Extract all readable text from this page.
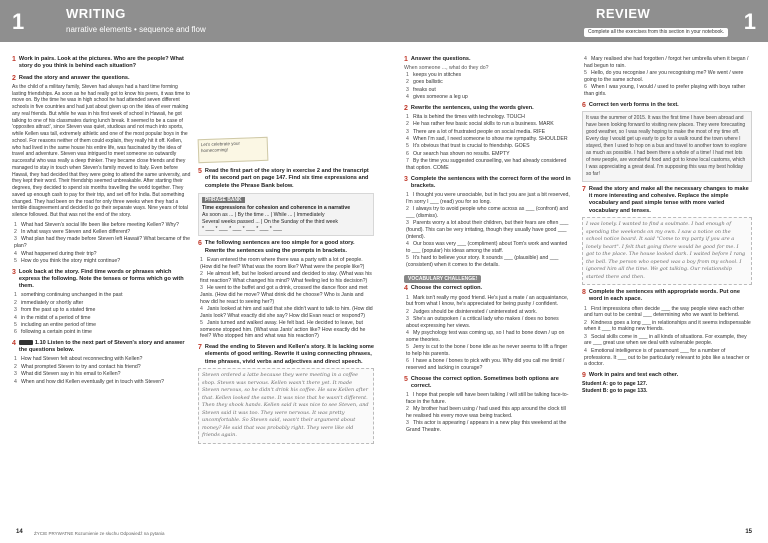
1	WRITING
narrative elements • sequence and flow
1 Work in pairs. Look at the pictures. Who are the people? What story do you think is behind each situation?
2 Read the story and answer the questions.
As the child of a military family, Steven had always had a hard time forming lasting friendships. As soon as he had really got to know his peers, it was time to move on. By the time he was in high school he had attended seven different schools in five countries and had just about given up on the idea of ever making any real friends. But while he was in his first week of school in Hawaii, he got talking to one of his classmates during lunch break. It seemed to be a case of 'opposites attract', since Steven was quiet, studious and not much into sports, while Kellen was tall, extremely athletic and one of the most popular boys in the school. For reasons neither of them could explain, they really hit it off. Kellen, who had lived in the same house his entire life, was fascinated by the idea of travel and adventure. Steven was intrigued to meet someone so outwardly successful who was really a deep thinker. They became close friends and they managed to stay in touch when Steven's family moved to Italy. Even before Hawaii, they had decided that they were going to attend the same university, and they kept their word. Their friendship seemed unbreakable. After starting their degrees, they decided to spend six months travelling the world together. They saved up enough cash to pay for their trip, and set off for India. But something changed. They had been on the road for only three weeks when they had a terrible disagreement and decided to go their separate ways. Nine years of total silence followed. But that was not the end of the story.
1 What had Steven's social life been like before meeting Kellen? Why?
2 In what ways were Steven and Kellen different?
3 What plan had they made before Steven left Hawaii? What became of the plan?
4 What happened during their trip?
5 How do you think the story might continue?
3 Look back at the story. Find time words or phrases which express the following. Note the tenses or forms which go with them.
1 something continuing unchanged in the past
2 immediately or shortly after
3 from the past up to a stated time
4 in the midst of a period of time
5 including an entire period of time
6 following a certain point in time
4	1.10 Listen to the next part of Steven's story and answer the questions below.
1 How had Steven felt about reconnecting with Kellen?
2 What prompted Steven to try and contact his friend?
3 What did Steven say in his email to Kellen?
4 When and how did Kellen eventually get in touch with Steven?
Let's celebrate your homecoming!
5 Read the first part of the story in exercise 2 and the transcript of its second part on page 147. Find six time expressions and complete the Phrase Bank below.
PHRASE BANK
Time expressions for cohesion and coherence in a narrative
As soon as ... | By the time ... | While ... | Immediately
Several weeks passed ... | On the Sunday of the third week
* ___ * ___ * ___ * ___ * ___ * ___
6 The following sentences are too simple for a good story. Rewrite the sentences using the prompts in brackets.
1 Evan entered the room where there was a party with a lot of people. (How did he feel? What was the room like? What were the people like?)
2 He almost left, but he looked around and decided to stay. (What was his first reaction? What changed his mind? What feeling led to his decision?)
3 He went to the buffet and got a drink, crossed the dance floor and met Janis. (How did he move? What drink did he choose? Who is Janis and how did he react to seeing her?)
4 Janis looked at him and said that she didn't want to talk to him. (How did Janis look? What exactly did she say? How did Evan react or respond?)
5 Janis turned and walked away. He felt bad. He decided to leave, but someone stopped him. (What was Janis' action like? How exactly did he feel? Who stopped him and what was his reaction?)
7 Read the ending to Steven and Kellen's story. It is lacking some elements of good writing. Rewrite it using connecting phrases, time phrases, vivid verbs and adjectives and direct speech.
Steven ordered a latte because they were meeting in a coffee shop. Steven was nervous. Kellen wasn't there yet. It made Steven nervous, so he didn't drink his coffee. He saw Kellen after that. Kellen looked the same. It was nice that he wasn't different. Then they shook hands. Kellen said it was nice to see Steven, and Steven said it was too. They were nervous. It was pretty uncomfortable. So Steven said, wasn't their argument about money? He said that was probably right. They were like old friends again.
14	ŻYCIE PRYWATNE Rozumienie ze słuchu Odpowiedź na pytania
1
REVIEW
Complete all the exercises from this section in your notebook.
1 Answer the questions.
When someone ..., what do they do?
1 keeps you in stitches
2 goes ballistic
3 freaks out
4 gives someone a leg up
2 Rewrite the sentences, using the words given.
1 Rita is behind the times with technology. TOUCH
2 He has rather few basic social skills to run a business. MARK
3 There are a lot of frustrated people on social media. RIFE
4 When I'm sad, I need someone to show me sympathy. SHOULDER
5 It's obvious that trust is crucial to friendship. GOES
6 Our search has shown no results. EMPTY
7 By the time you suggested counselling, we had already considered that option. COME
3 Complete the sentences with the correct form of the word in brackets.
1 I thought you were unsociable, but in fact you are just a bit reserved, I'm sorry I ___ (read) you for so long.
2 I always try to avoid people who come across as ___ (confront) and ___ (dismiss).
3 Parents worry a lot about their children, but their fears are often ___ (found). This can be very irritating, though they usually have good ___ (intend).
4 Our boss was very ___ (compliment) about Tom's work and wanted to ___ (popular) his ideas among the staff.
5 It's hard to believe your story. It sounds ___ (plausible) and ___ (consistent) when it comes to the details.
VOCABULARY CHALLENGE!
4 Choose the correct option.
1 Mark isn't really my good friend. He's just a mate / an acquaintance, but from what I know, he's appreciated for being pushy / confident.
2 Judges should be disinterested / uninterested at work.
3 She's an outspoken / a critical lady who makes / does no bones about expressing her views.
4 My psychology test was coming up, so I had to bone down / up on some theories.
5 Jerry is cut to the bone / bone idle as he never seems to lift a finger to help his parents.
6 I have a bone / bones to pick with you. Why did you call me timid / reserved and lacking in courage?
5 Choose the correct option. Sometimes both options are correct.
1 I hope that people will have been talking / will still be talking face-to-face in the future.
2 My brother had been using / had used this app around the clock till he realised his every move was being tracked.
3 This actor is appearing / appears in a new play this weekend at the Grand Theatre.
4 Mary realised she had forgotten / forgot her umbrella when it began / had begun to rain.
5 Hello, do you recognise / are you recognising me? We went / were going to the same school.
6 When I was young, I would / used to prefer playing with boys rather than girls.
6 Correct ten verb forms in the text.
It was the summer of 2015. It was the first time I have been abroad and have been looking forward to visiting new places. They were forecasting good weather, so I was really hoping to make the most of my time off. Every day I would get up early to go for a walk round the town where I stayed, then I used to hop on a bus and travel to another town to explore as much as possible. I had been there a whole of a time! I had met lots of new people, are wonderful food and got to know local customs, which I was appreciating a great deal. I'm supposing this was my best holiday so far!
7 Read the story and make all the necessary changes to make it more interesting and cohesive. Replace the simple vocabulary and past simple tense with more varied vocabulary and tenses.
I was lonely. I wanted to find a soulmate. I had enough of spending the weekends on my own. I saw a notice on the school notice board. It said "Come to my party if you are a lonely heart". I felt that going there would be good for me. I got to the place. The house looked dark. I waited before I rang the bell. The person who opened was a boy from my school. I ignored him all the time. We got talking. Our relationship started there and then.
8 Complete the sentences with appropriate words. Put one word in each space.
1 First impressions often decide ___ the way people view each other and turn out to be central ___ determining who we want to befriend.
2 Kindness goes a long ___ in relationships and it seems indispensable when it ___ to making new friends.
3 Social skills come in ___ in all kinds of situations. For example, they are ___ great use when we deal with vulnerable people.
4 Emotional intelligence is of paramount ___ for a number of professions. It ___ out to be particularly relevant to jobs like a teacher or a doctor.
9 Work in pairs and test each other.
Student A: go to page 127.
Student B: go to page 133.
15
